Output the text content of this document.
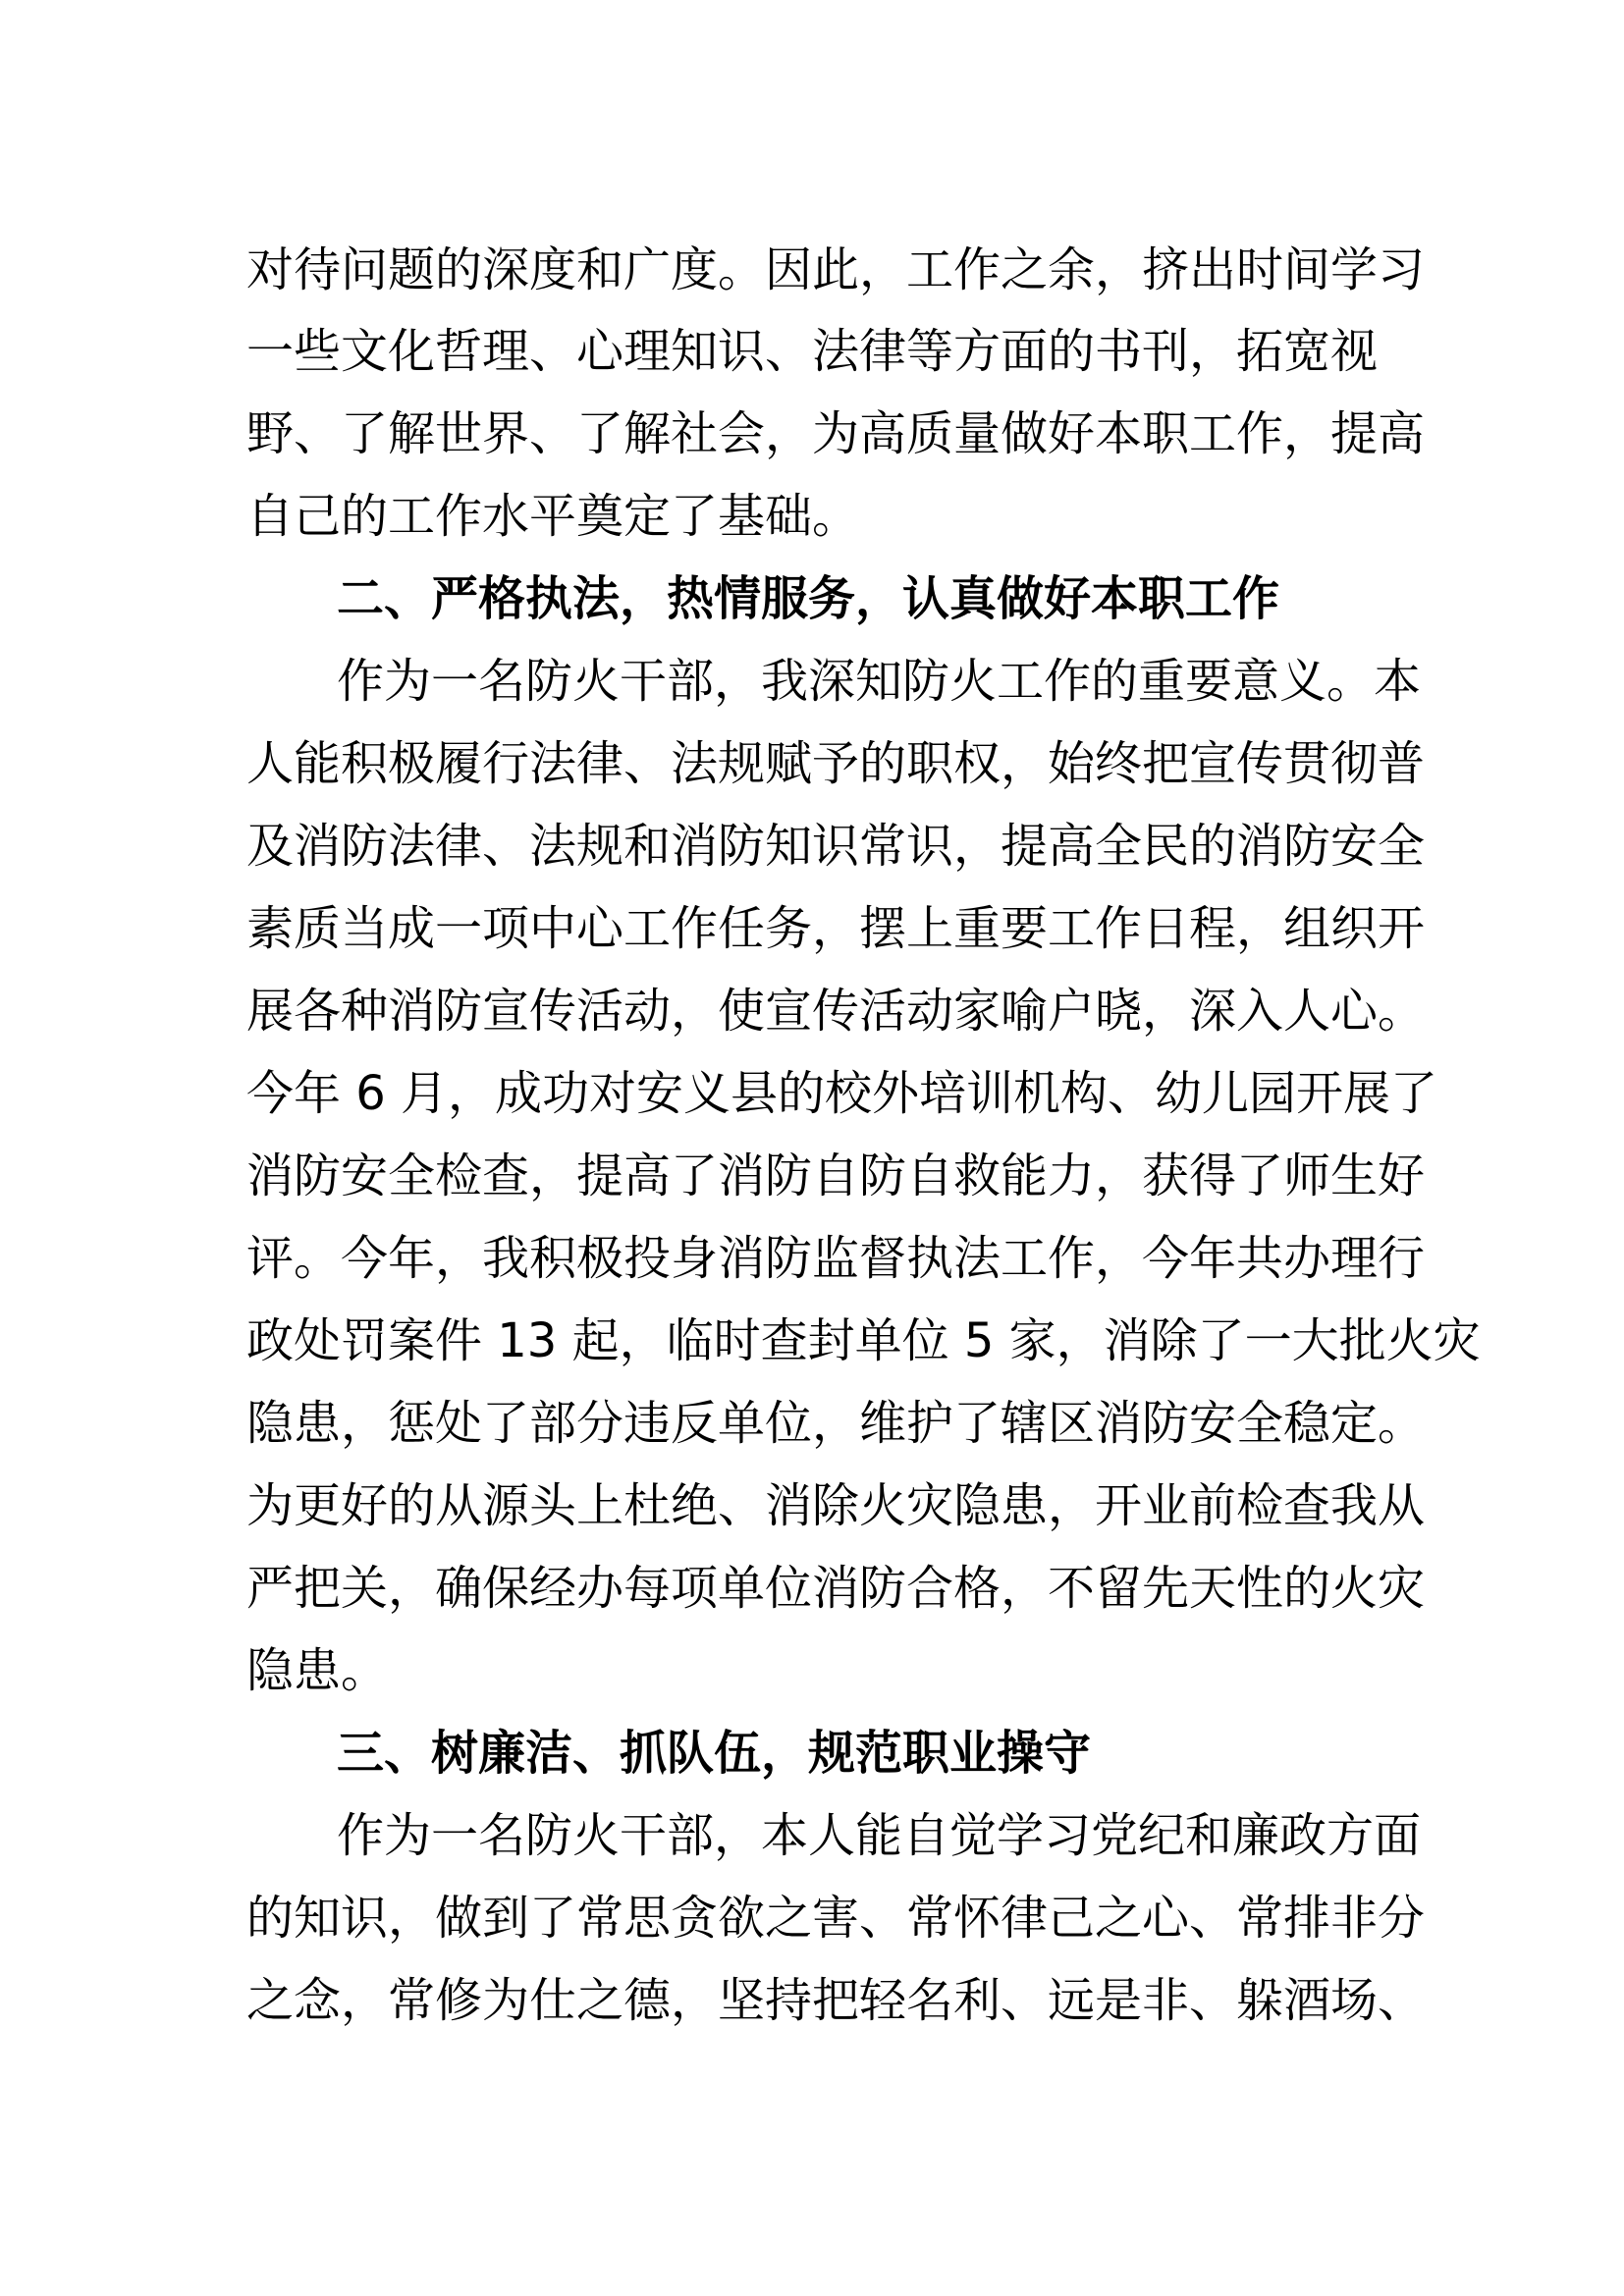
对待问题的深度和广度。因此，工作之余，挤出时间学习
一些文化哲理、心理知识、法律等方面的书刊，拓宽视
野、了解世界、了解社会，为高质量做好本职工作，提高
自己的工作水平奠定了基础。
二、严格执法，热情服务，认真做好本职工作
作为一名防火干部，我深知防火工作的重要意义。本
人能积极履行法律、法规赋予的职权，始终把宣传贯彻普
及消防法律、法规和消防知识常识，提高全民的消防安全
素质当成一项中心工作任务，摆上重要工作日程，组织开
展各种消防宣传活动，使宣传活动家喻户晓，深入人心。
今年 6 月，成功对安义县的校外培训机构、幼儿园开展了
消防安全检查，提高了消防自防自救能力，获得了师生好
评。今年，我积极投身消防监督执法工作，今年共办理行
政处罚案件 13 起，临时查封单位 5 家，消除了一大批火灾
隐患，惩处了部分违反单位，维护了辖区消防安全稳定。
为更好的从源头上杜绝、消除火灾隐患，开业前检查我从
严把关，确保经办每项单位消防合格，不留先天性的火灾
隐患。
三、树廉洁、抓队伍，规范职业操守
作为一名防火干部，本人能自觉学习党纪和廉政方面
的知识，做到了常思贪欲之害、常怀律己之心、常排非分
之念，常修为仕之德，坚持把轻名利、远是非、躲酒场、
